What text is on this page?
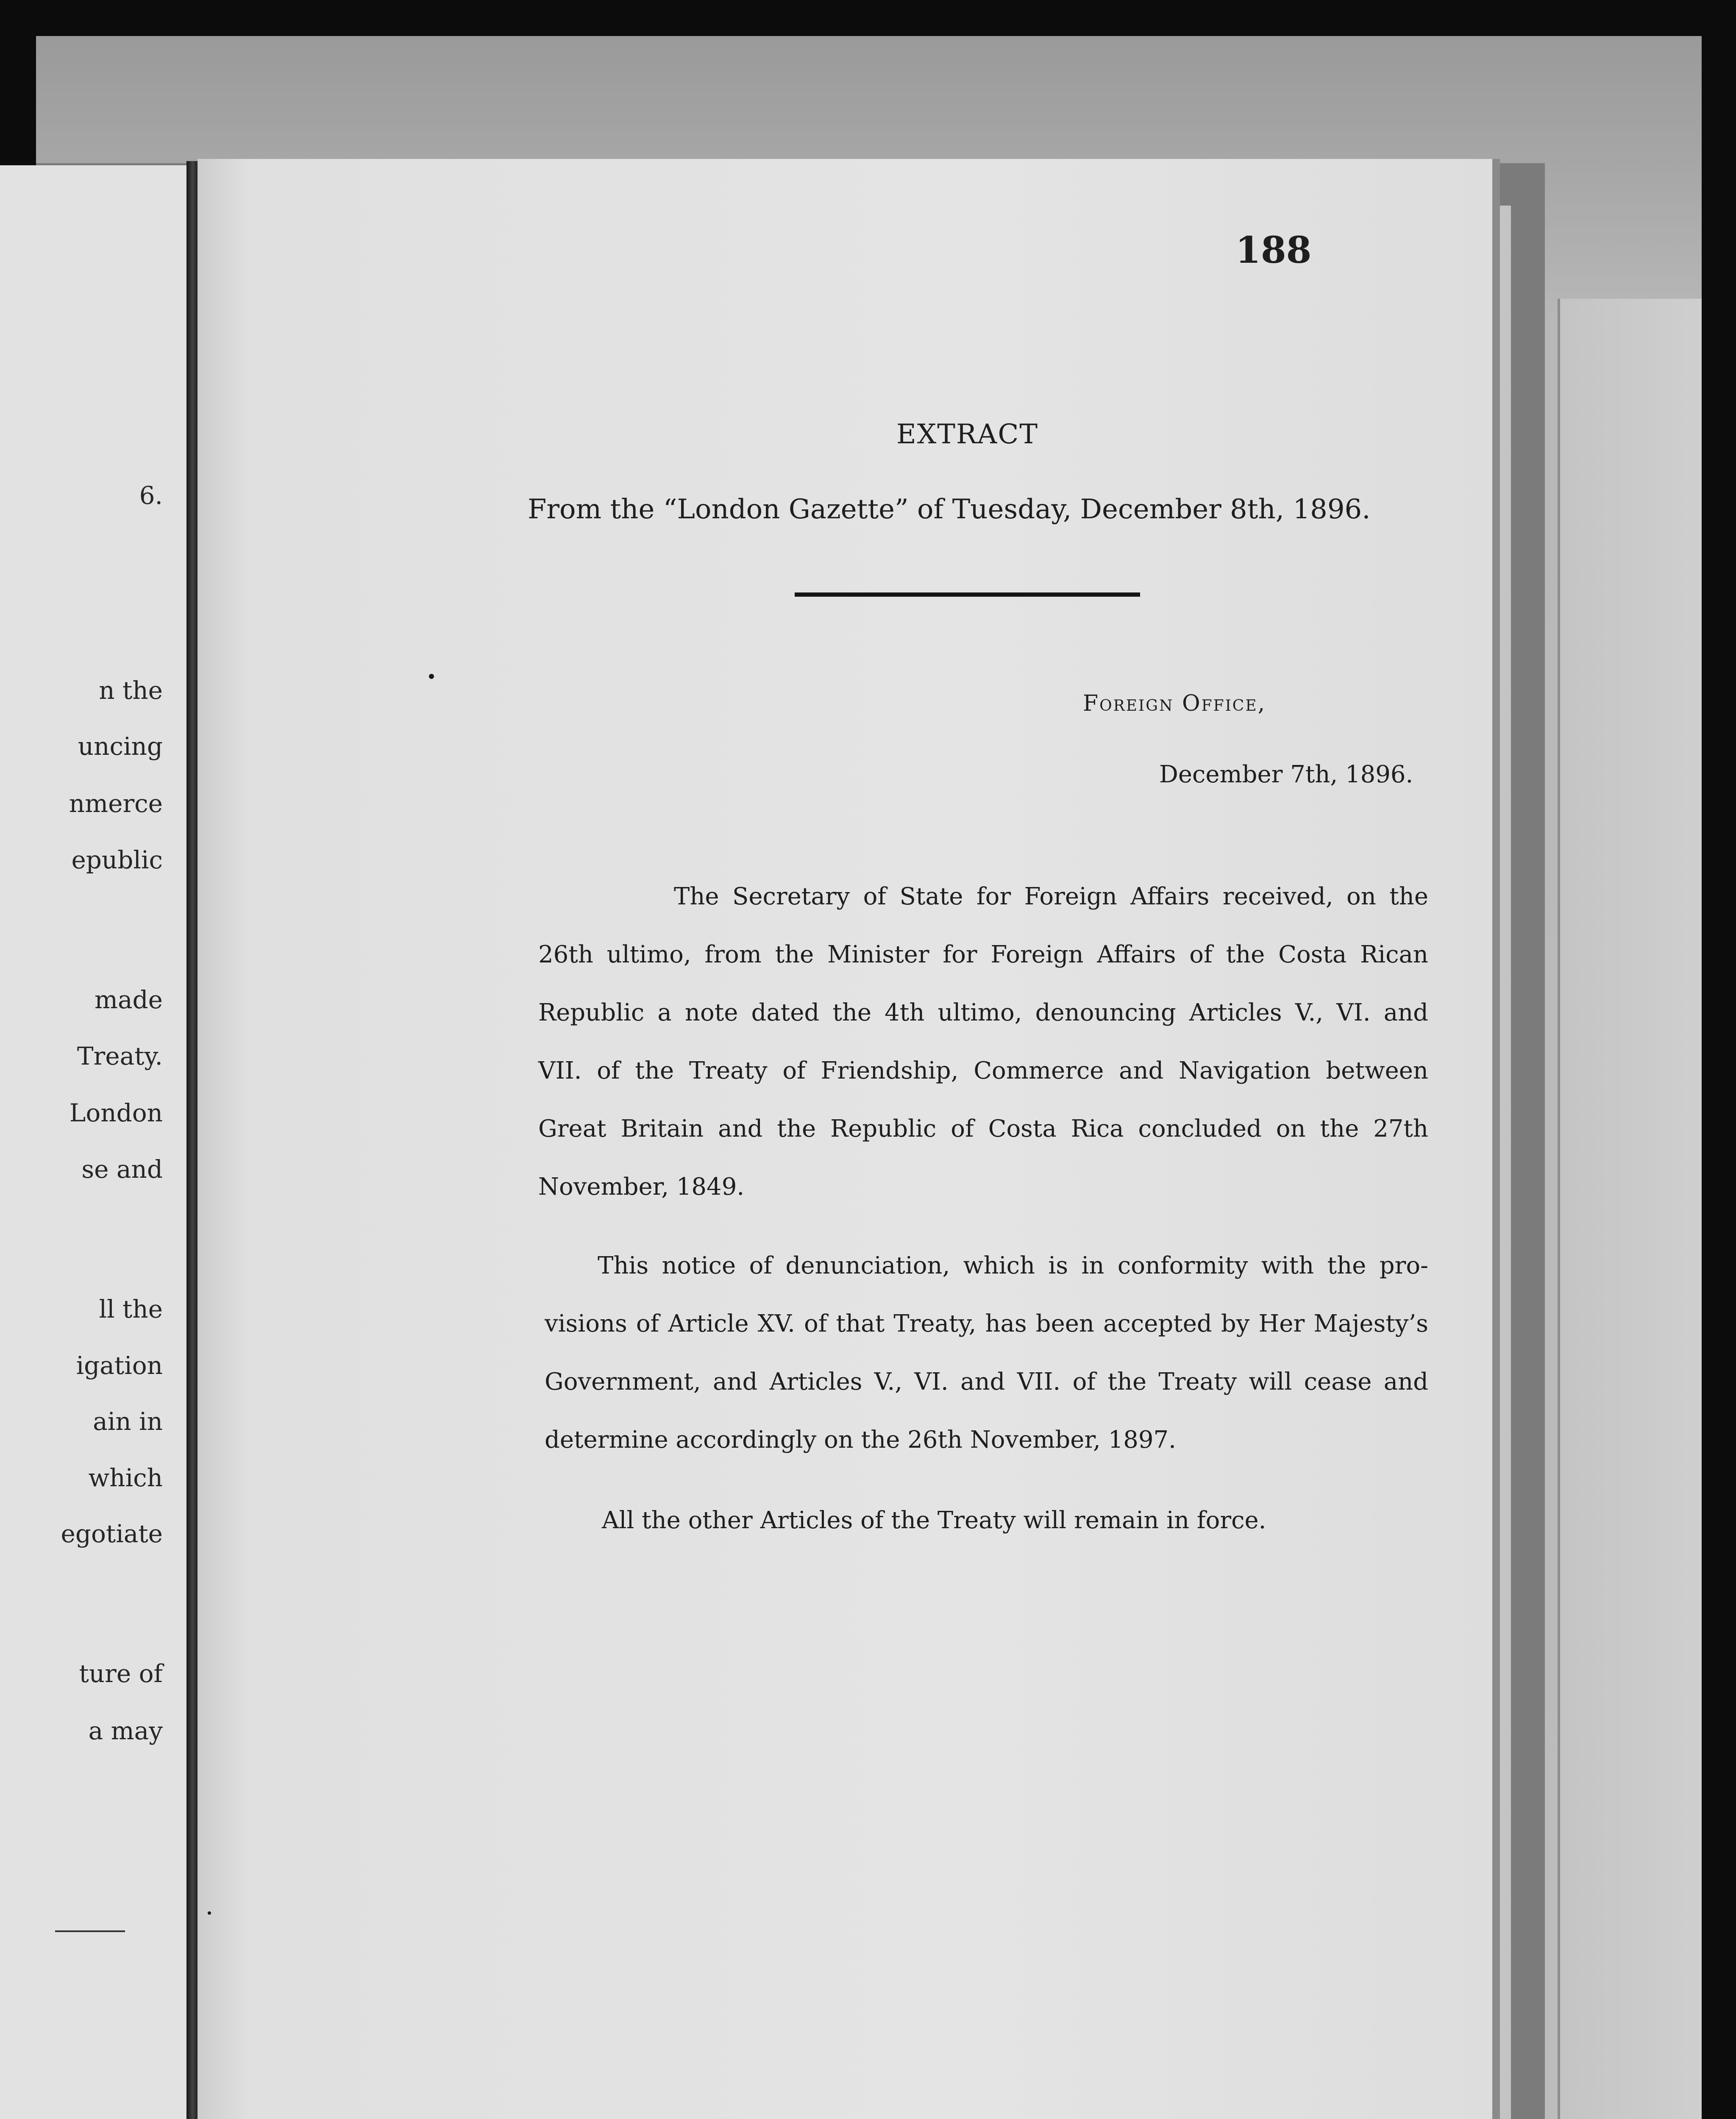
6.

n the

uncing

nmerce

epublic

made

Treaty.

London

se and

ll the

igation

ain in

which

egotiate

ture of

a may

188

EXTRACT

From the “London Gazette” of Tuesday, December 8th, 1896.

Foreign Office,

December 7th, 1896.

The Secretary of State for Foreign Affairs received, on the
26th ultimo, from the Minister for Foreign Affairs of the Costa Rican
Republic a note dated the 4th ultimo, denouncing Articles V., VI. and
VII. of the Treaty of Friendship, Commerce and Navigation between
Great Britain and the Republic of Costa Rica concluded on the 27th
November, 1849.
This notice of denunciation, which is in conformity with the pro-
visions of Article XV. of that Treaty, has been accepted by Her Majesty’s
Government, and Articles V., VI. and VII. of the Treaty will cease and
determine accordingly on the 26th November, 1897.

All the other Articles of the Treaty will remain in force.
